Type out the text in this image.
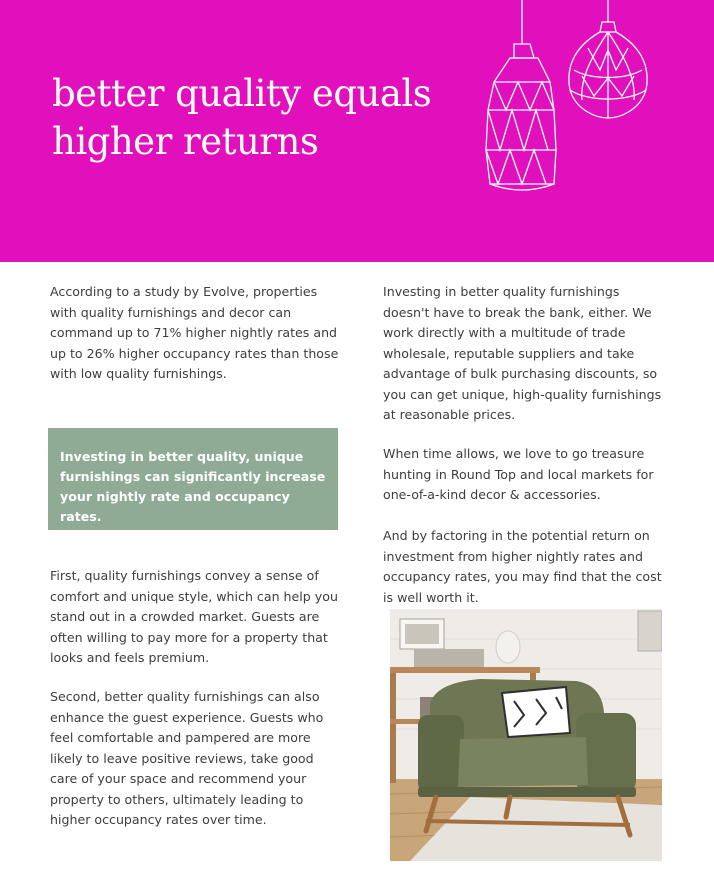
better quality equals
higher returns

According to a study by Evolve, properties with quality furnishings and decor can command up to 71% higher nightly rates and up to 26% higher occupancy rates than those with low quality furnishings.

Investing in better quality, unique furnishings can significantly increase your nightly rate and occupancy rates.

First, quality furnishings convey a sense of comfort and unique style, which can help you stand out in a crowded market. Guests are often willing to pay more for a property that looks and feels premium.

Second, better quality furnishings can also enhance the guest experience. Guests who feel comfortable and pampered are more likely to leave positive reviews, take good care of your space and recommend your property to others, ultimately leading to higher occupancy rates over time.

Investing in better quality furnishings doesn't have to break the bank, either. We work directly with a multitude of trade wholesale, reputable suppliers and take advantage of bulk purchasing discounts, so you can get unique, high-quality furnishings at reasonable prices.

When time allows, we love to go treasure hunting in Round Top and local markets for one-of-a-kind decor & accessories.

And by factoring in the potential return on investment from higher nightly rates and occupancy rates, you may find that the cost is well worth it.
